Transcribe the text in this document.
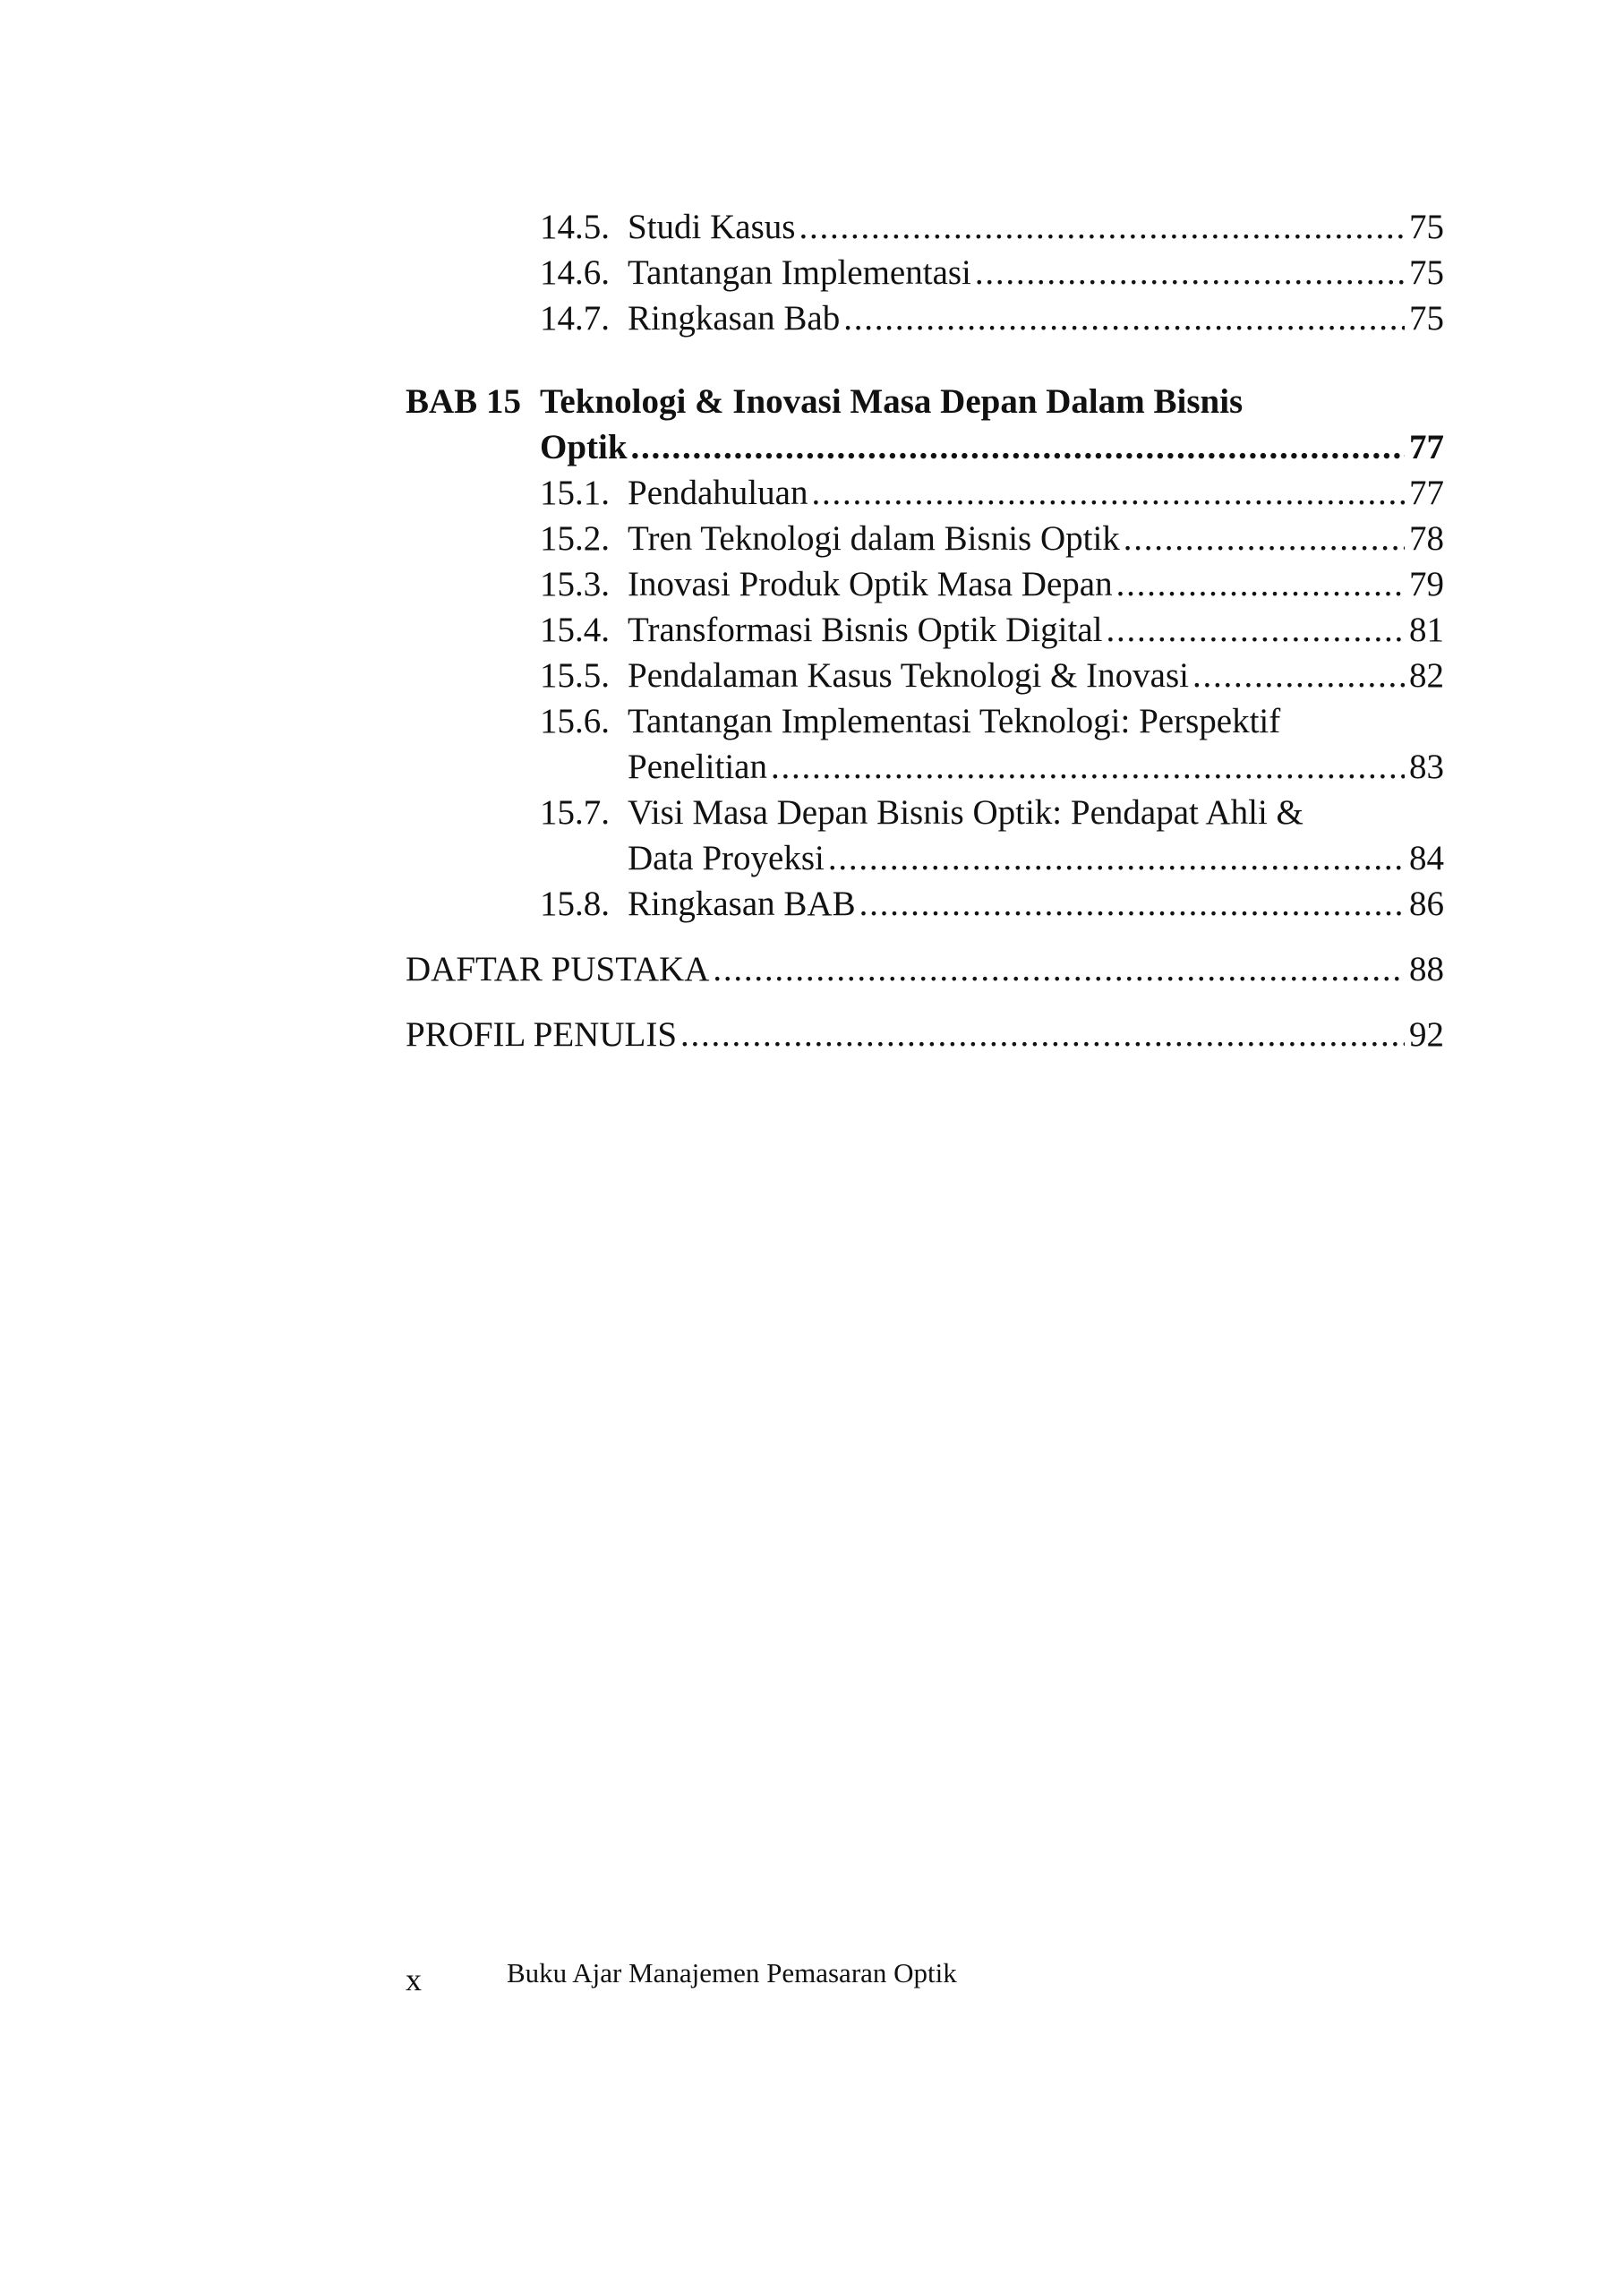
14.5. Studi Kasus . . .	75
14.6. Tantangan Implementasi . . .	75
14.7. Ringkasan Bab . . .	75
BAB 15 Teknologi & Inovasi Masa Depan Dalam Bisnis
Optik . . .	77
15.1. Pendahuluan . . .	77
15.2. Tren Teknologi dalam Bisnis Optik . . .	78
15.3. Inovasi Produk Optik Masa Depan . . .	79
15.4. Transformasi Bisnis Optik Digital . . .	81
15.5. Pendalaman Kasus Teknologi & Inovasi . . .	82
15.6. Tantangan Implementasi Teknologi: Perspektif
Penelitian . . .	83
15.7. Visi Masa Depan Bisnis Optik: Pendapat Ahli &
Data Proyeksi . . .	84
15.8. Ringkasan BAB . . .	86
DAFTAR PUSTAKA . . .	88
PROFIL PENULIS . . .	92
x	Buku Ajar Manajemen Pemasaran Optik
